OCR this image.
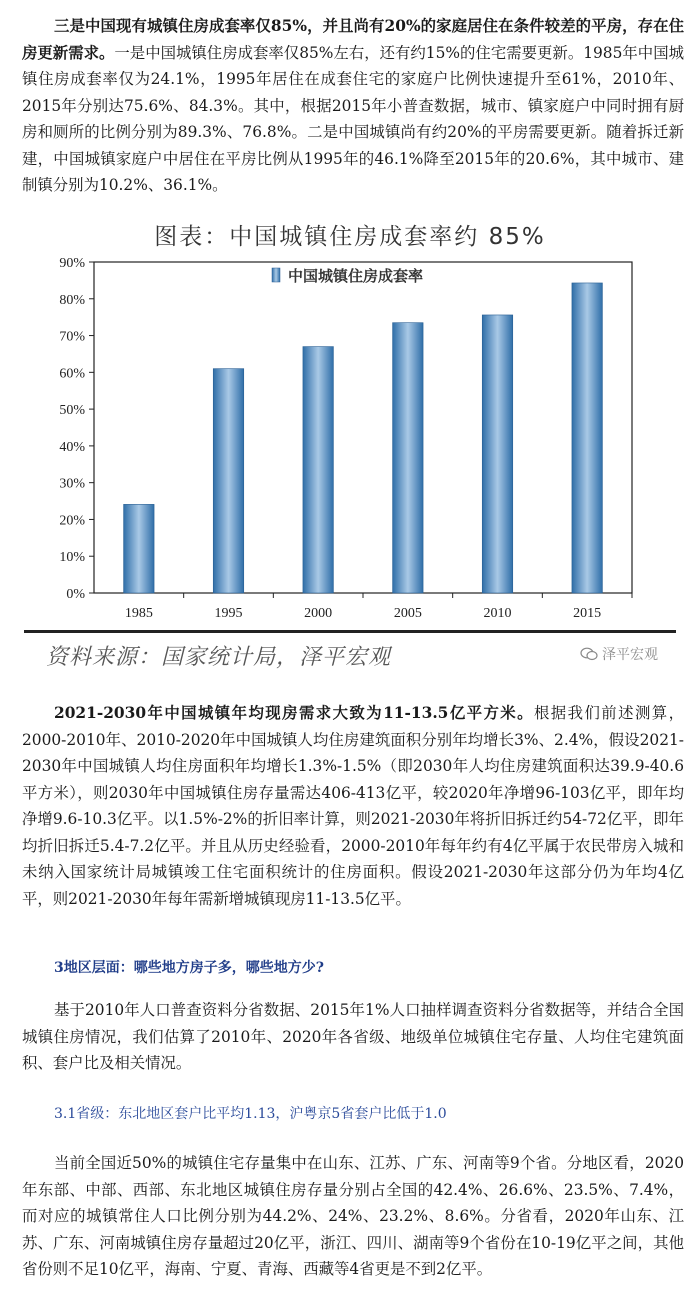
三是中国现有城镇住房成套率仅85%，并且尚有20%的家庭居住在条件较差的平房，存在住房更新需求。一是中国城镇住房成套率仅85%左右，还有约15%的住宅需要更新。1985年中国城镇住房成套率仅为24.1%，1995年居住在成套住宅的家庭户比例快速提升至61%，2010年、2015年分别达75.6%、84.3%。其中，根据2015年小普查数据，城市、镇家庭户中同时拥有厨房和厕所的比例分别为89.3%、76.8%。二是中国城镇尚有约20%的平房需要更新。随着拆迁新建，中国城镇家庭户中居住在平房比例从1995年的46.1%降至2015年的20.6%，其中城市、建制镇分别为10.2%、36.1%。

图表：中国城镇住房成套率约 85%
0%
10%
20%
30%
40%
50%
60%
70%
80%
90%
1985	1995	2000	2005	2010	2015
中国城镇住房成套率
资料来源：国家统计局，泽平宏观	泽平宏观

2021-2030年中国城镇年均现房需求大致为11-13.5亿平方米。根据我们前述测算，2000-2010年、2010-2020年中国城镇人均住房建筑面积分别年均增长3%、2.4%，假设2021-2030年中国城镇人均住房面积年均增长1.3%-1.5%（即2030年人均住房建筑面积达39.9-40.6平方米），则2030年中国城镇住房存量需达406-413亿平，较2020年净增96-103亿平，即年均净增9.6-10.3亿平。以1.5%-2%的折旧率计算，则2021-2030年将折旧拆迁约54-72亿平，即年均折旧拆迁5.4-7.2亿平。并且从历史经验看，2000-2010年每年约有4亿平属于农民带房入城和未纳入国家统计局城镇竣工住宅面积统计的住房面积。假设2021-2030年这部分仍为年均4亿平，则2021-2030年每年需新增城镇现房11-13.5亿平。

3地区层面：哪些地方房子多，哪些地方少?

基于2010年人口普查资料分省数据、2015年1%人口抽样调查资料分省数据等，并结合全国城镇住房情况，我们估算了2010年、2020年各省级、地级单位城镇住宅存量、人均住宅建筑面积、套户比及相关情况。

3.1省级：东北地区套户比平均1.13，沪粤京5省套户比低于1.0

当前全国近50%的城镇住宅存量集中在山东、江苏、广东、河南等9个省。分地区看，2020年东部、中部、西部、东北地区城镇住房存量分别占全国的42.4%、26.6%、23.5%、7.4%，而对应的城镇常住人口比例分别为44.2%、24%、23.2%、8.6%。分省看，2020年山东、江苏、广东、河南城镇住房存量超过20亿平，浙江、四川、湖南等9个省份在10-19亿平之间，其他省份则不足10亿平，海南、宁夏、青海、西藏等4省更是不到2亿平。
